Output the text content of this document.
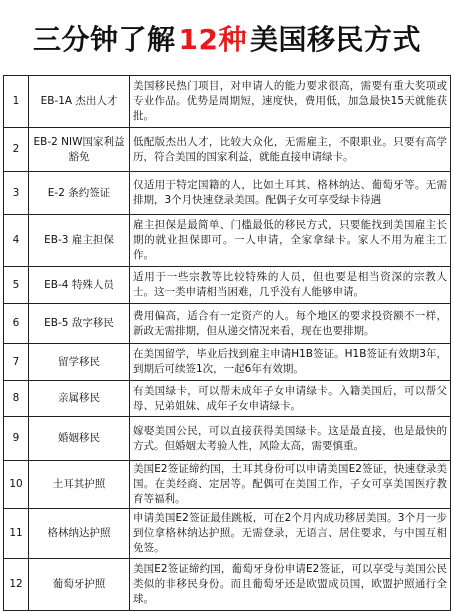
三分钟了解 12种 美国移民方式
1	EB-1A 杰出人才	美国移民热门项目，对申请人的能力要求很高，需要有重大奖项或专业作品。优势是周期短，速度快，费用低，加急最快15天就能获批。
2	EB-2 NIW国家利益豁免	低配版杰出人才，比较大众化，无需雇主，不限职业。只要有高学历，符合美国的国家利益，就能直接申请绿卡。
3	E-2 条约签证	仅适用于特定国籍的人，比如土耳其、格林纳达、葡萄牙等。无需排期，3个月快速登录美国。配偶子女可享受绿卡待遇
4	EB-3 雇主担保	雇主担保是最简单、门槛最低的移民方式，只要能找到美国雇主长期的就业担保即可。一人申请，全家拿绿卡。家人不用为雇主工作。
5	EB-4 特殊人员	适用于一些宗教等比较特殊的人员，但也要是相当资深的宗教人士。这一类申请相当困难，几乎没有人能够申请。
6	EB-5 敌字移民	费用偏高，适合有一定资产的人。每个地区的要求投资额不一样，新政无需排期，但从递交情况来看，现在也要排期。
7	留学移民	在美国留学，毕业后找到雇主申请H1B签证。H1B签证有效期3年，到期后可续签1次，一起6年有效期。
8	亲属移民	有美国绿卡，可以帮未成年子女申请绿卡。入籍美国后，可以帮父母、兄弟姐妹、成年子女申请绿卡。
9	婚姻移民	嫁娶美国公民，可以直接获得美国绿卡。这是最直接，也是最快的方式。但婚姻太考验人性，风险太高，需要慎重。
10	土耳其护照	美国E2签证缔约国，土耳其身份可以申请美国E2签证，快速登录美国。在美经商、定居等。配偶可在美国工作，子女可享美国医疗教育等福利。
11	格林纳达护照	申请美国E2签证最佳跳板，可在2个月内成功移居美国。3个月一步到位拿格林纳达护照。无需登录，无语言、居住要求，与中国互相免签。
12	葡萄牙护照	美国E2签证缔约国，葡萄牙身份申请E2签证，可以享受与美国公民类似的非移民身份。而且葡萄牙还是欧盟成员国，欧盟护照通行全球。
